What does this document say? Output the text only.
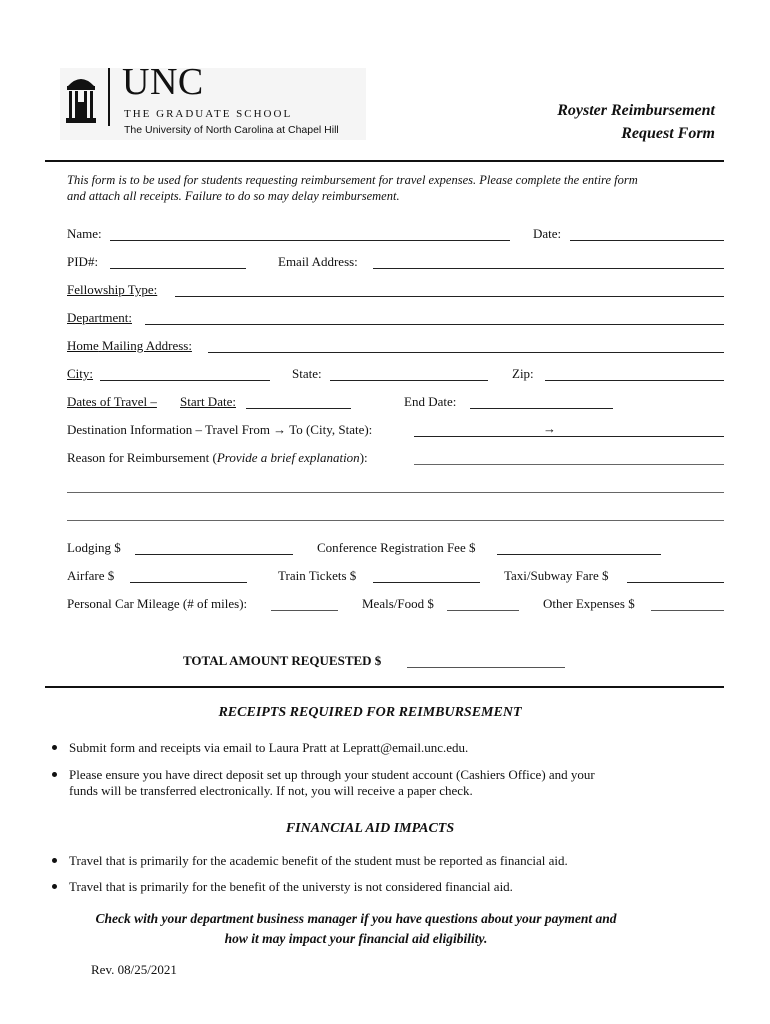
UNC
THE GRADUATE SCHOOL
The University of North Carolina at Chapel Hill
Royster Reimbursement
Request Form
This form is to be used for students requesting reimbursement for travel expenses. Please complete the entire form
and attach all receipts. Failure to do so may delay reimbursement.
Name:	Date:
PID#:	Email Address:
Fellowship Type:
Department:
Home Mailing Address:
City:	State:	Zip:
Dates of Travel – Start Date:	End Date:
Destination Information – Travel From → To (City, State):	→
Reason for Reimbursement (Provide a brief explanation):
Lodging $	Conference Registration Fee $
Airfare $	Train Tickets $	Taxi/Subway Fare $
Personal Car Mileage (# of miles):	Meals/Food $	Other Expenses $
TOTAL AMOUNT REQUESTED $
RECEIPTS REQUIRED FOR REIMBURSEMENT
Submit form and receipts via email to Laura Pratt at Lepratt@email.unc.edu.
Please ensure you have direct deposit set up through your student account (Cashiers Office) and your
funds will be transferred electronically. If not, you will receive a paper check.
FINANCIAL AID IMPACTS
Travel that is primarily for the academic benefit of the student must be reported as financial aid.
Travel that is primarily for the benefit of the universty is not considered financial aid.
Check with your department business manager if you have questions about your payment and
how it may impact your financial aid eligibility.
Rev. 08/25/2021
